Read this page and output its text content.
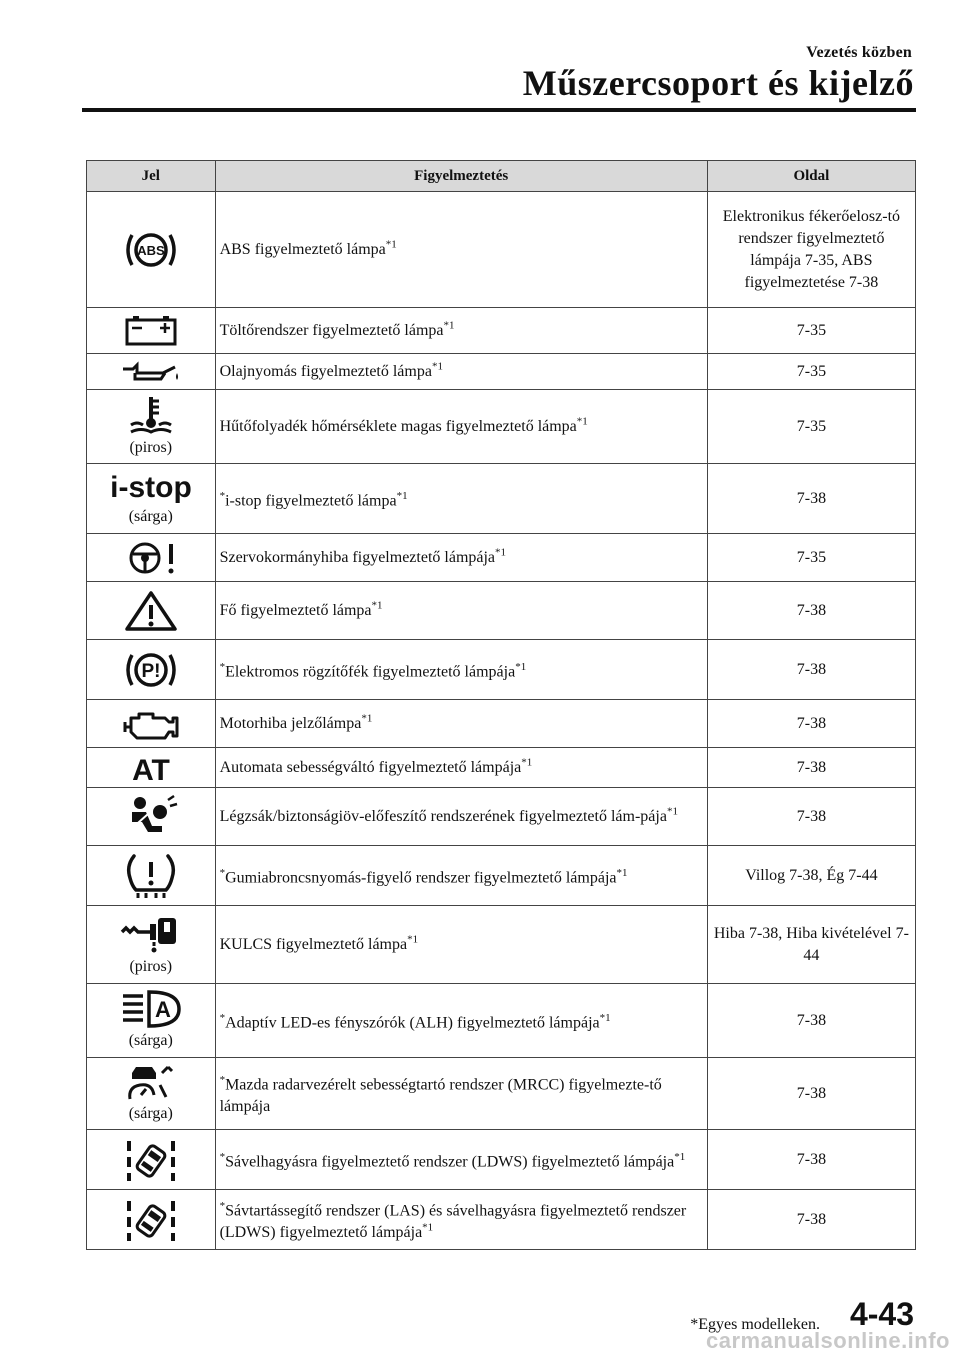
Vezetés közben
Műszercsoport és kijelző
Jel	Figyelmeztetés	Oldal

ABS	ABS figyelmeztető lámpa$^{*1}$	Elektronikus fékerőelosz-tó rendszer figyelmeztető lámpája 7-35, ABS figyelmeztetése 7-38

	Töltőrendszer figyelmeztető lámpa$^{*1}$	7-35

	Olajnyomás figyelmeztető lámpa$^{*1}$	7-35

(piros)	Hűtőfolyadék hőmérséklete magas figyelmeztető lámpa$^{*1}$	7-35

i-stop
(sárga)	*i-stop figyelmeztető lámpa$^{*1}$	7-38

	Szervokormányhiba figyelmeztető lámpája$^{*1}$	7-35

	Fő figyelmeztető lámpa$^{*1}$	7-38

P!	*Elektromos rögzítőfék figyelmeztető lámpája$^{*1}$	7-38

	Motorhiba jelzőlámpa$^{*1}$	7-38

AT	Automata sebességváltó figyelmeztető lámpája$^{*1}$	7-38

	Légzsák/biztonságiöv-előfeszítő rendszerének figyelmeztető lám-pája$^{*1}$	7-38

	*Gumiabroncsnyomás-figyelő rendszer figyelmeztető lámpája$^{*1}$	Villog 7-38, Ég 7-44

(piros)	KULCS figyelmeztető lámpa$^{*1}$	Hiba 7-38, Hiba kivételével 7-44

A
(sárga)	*Adaptív LED-es fényszórók (ALH) figyelmeztető lámpája$^{*1}$	7-38

(sárga)	*Mazda radarvezérelt sebességtartó rendszer (MRCC) figyelmezte-tő lámpája	7-38

	*Sávelhagyásra figyelmeztető rendszer (LDWS) figyelmeztető lámpája$^{*1}$	7-38

	*Sávtartássegítő rendszer (LAS) és sávelhagyásra figyelmeztető rendszer (LDWS) figyelmeztető lámpája$^{*1}$	7-38
*Egyes modelleken. 4-43
carmanualsonline.info
